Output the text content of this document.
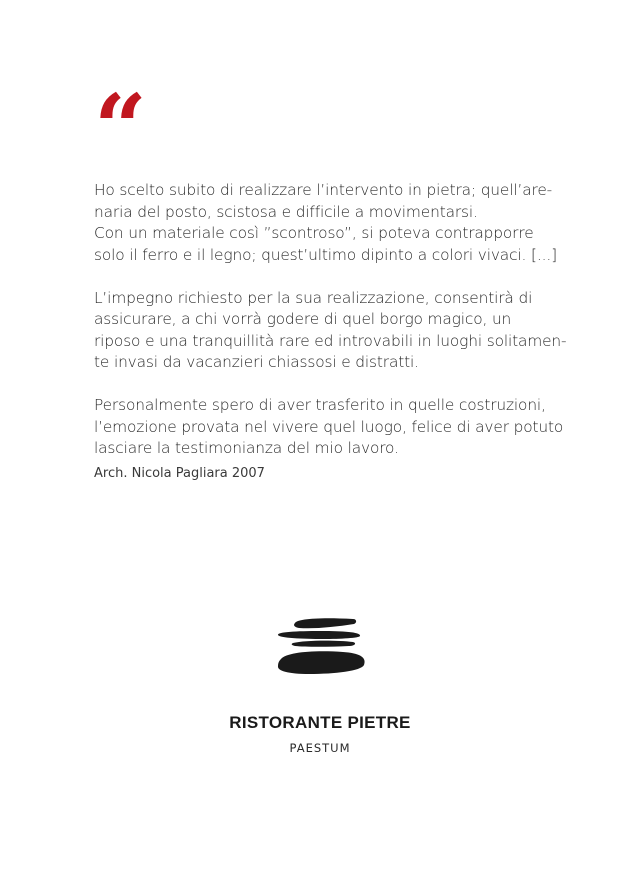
“

Ho scelto subito di realizzare l’intervento in pietra; quell’are-
naria del posto, scistosa e difficile a movimentarsi.
Con un materiale così ”scontroso”, si poteva contrapporre
solo il ferro e il legno; quest’ultimo dipinto a colori vivaci. [...]

L’impegno richiesto per la sua realizzazione, consentirà di
assicurare, a chi vorrà godere di quel borgo magico, un
riposo e una tranquillità rare ed introvabili in luoghi solitamen-
te invasi da vacanzieri chiassosi e distratti.

Personalmente spero di aver trasferito in quelle costruzioni,
l’emozione provata nel vivere quel luogo, felice di aver potuto
lasciare la testimonianza del mio lavoro.

Arch. Nicola Pagliara 2007
RISTORANTE PIETRE
PAESTUM
